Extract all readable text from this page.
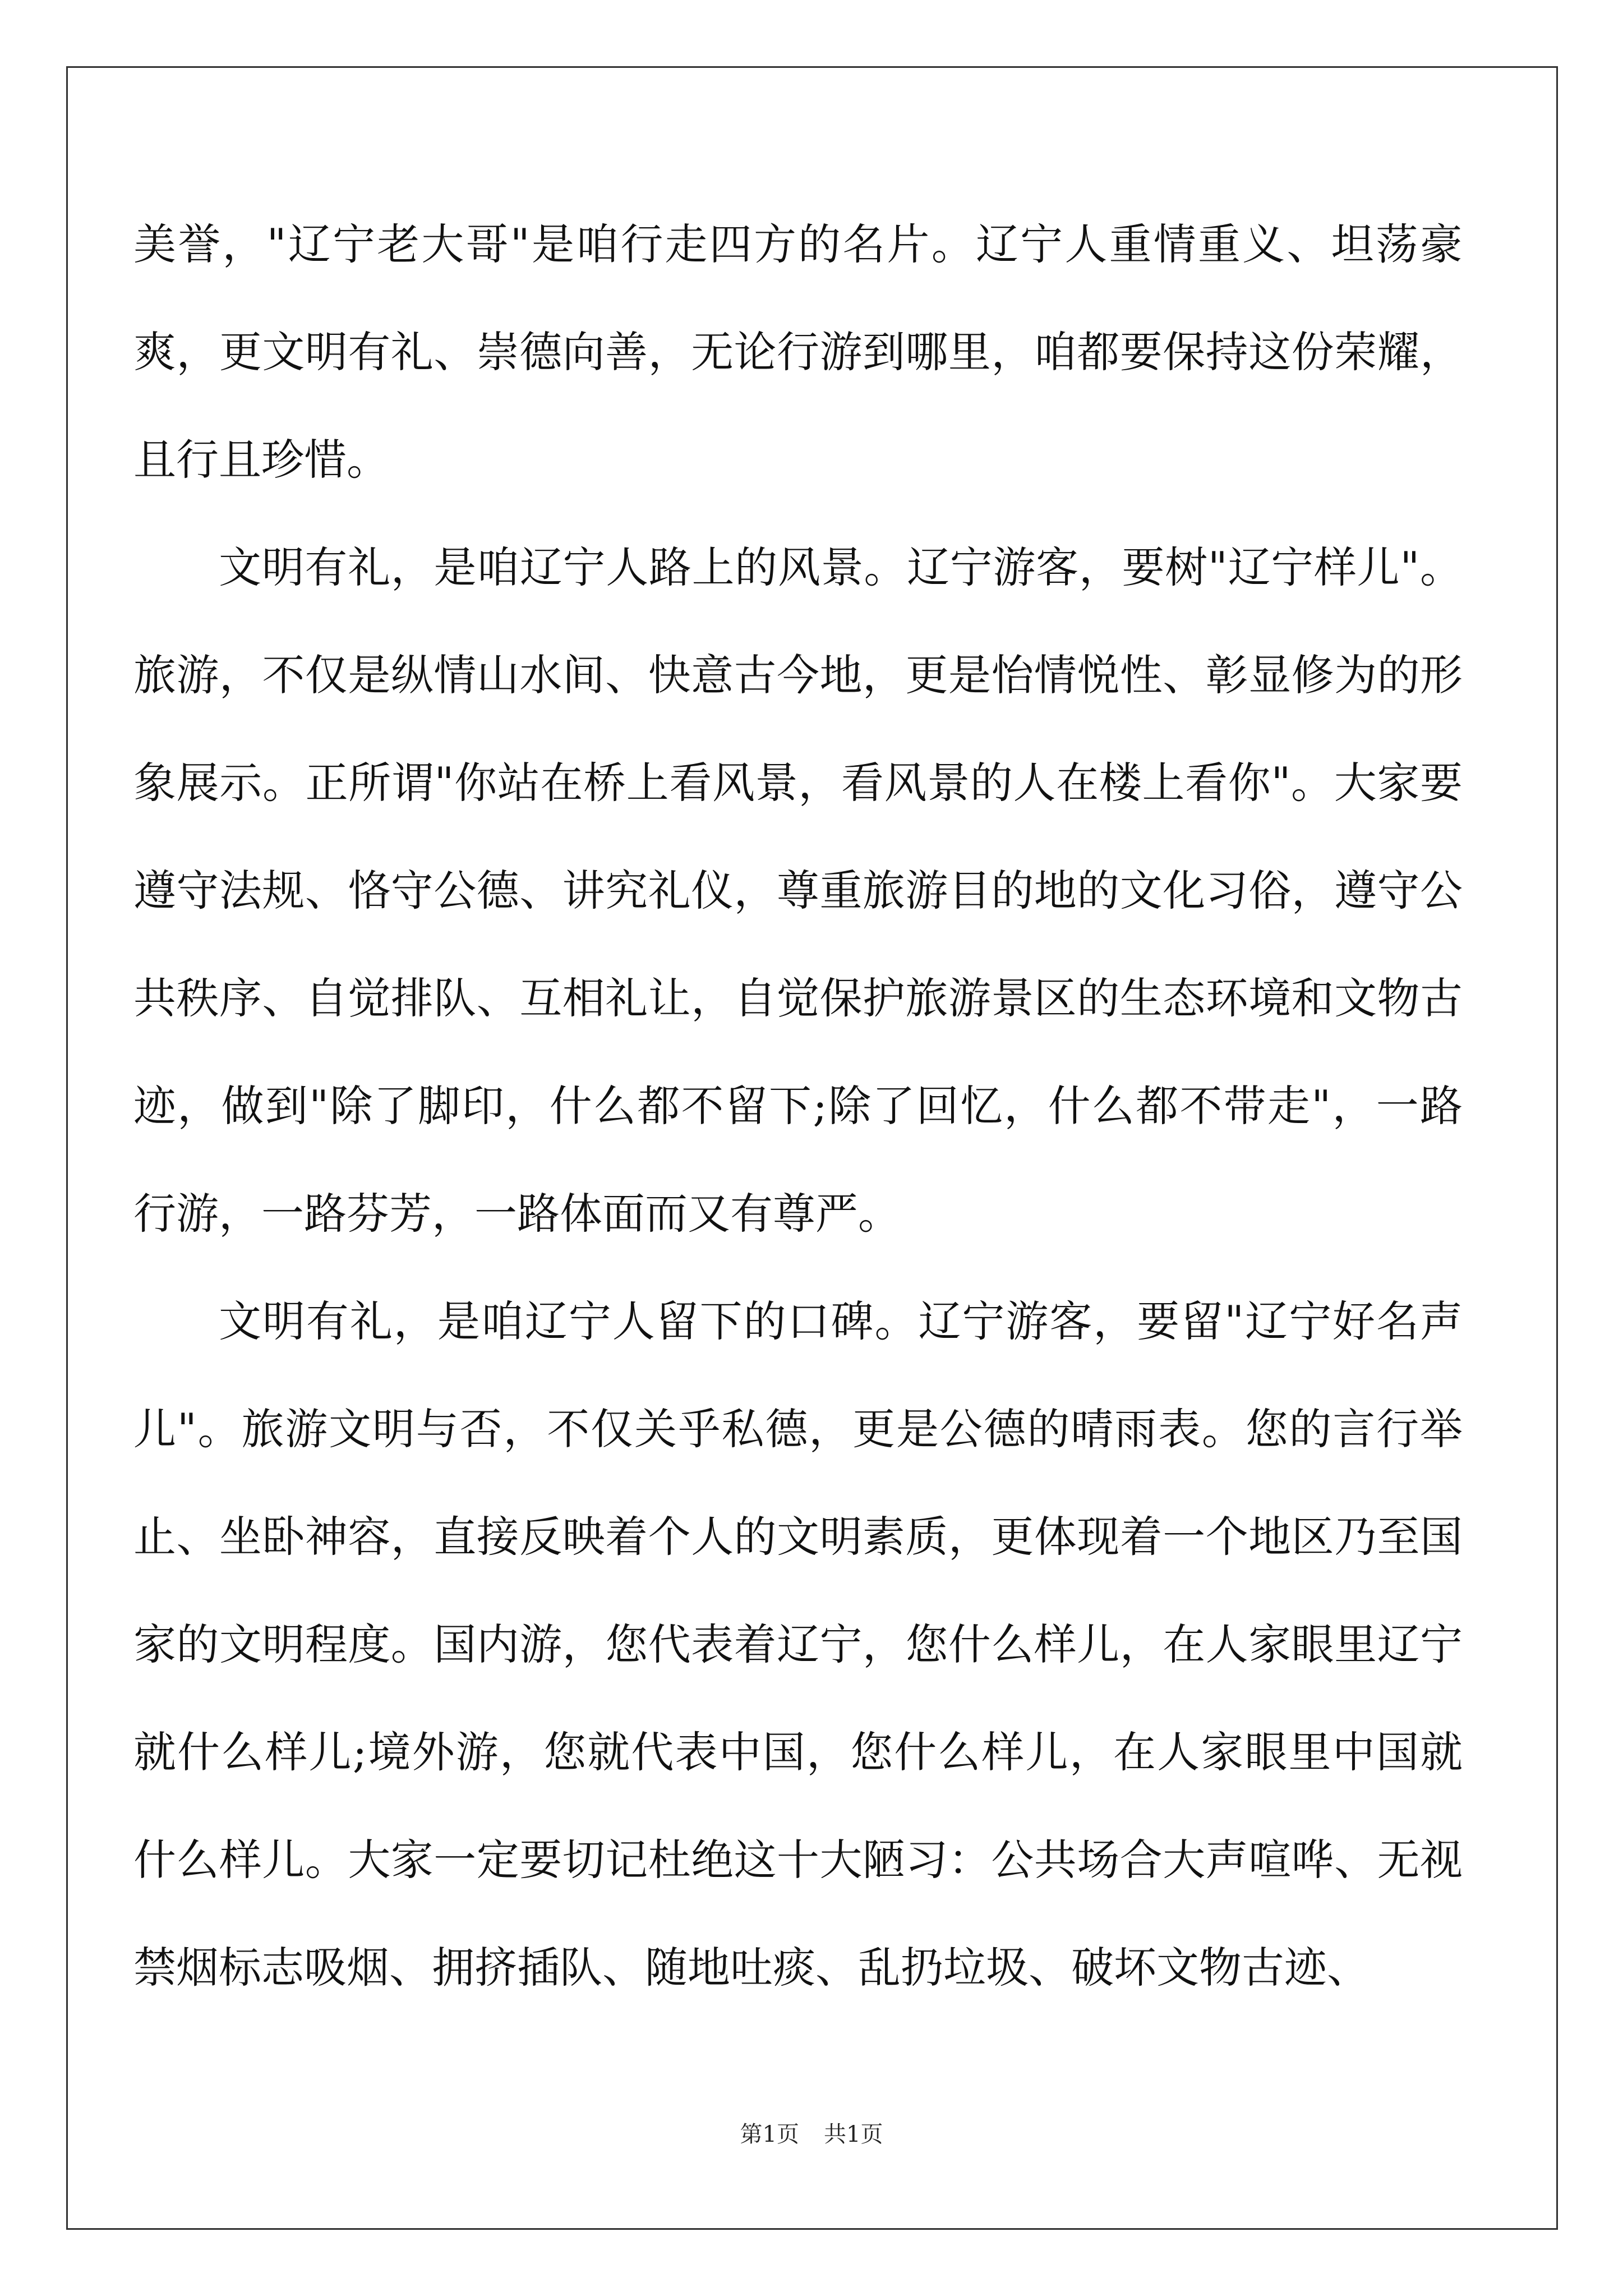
美誉，"辽宁老大哥"是咱行走四方的名片。辽宁人重情重义、坦荡豪爽，更文明有礼、崇德向善，无论行游到哪里，咱都要保持这份荣耀，且行且珍惜。

文明有礼，是咱辽宁人路上的风景。辽宁游客，要树"辽宁样儿"。旅游，不仅是纵情山水间、快意古今地，更是怡情悦性、彰显修为的形象展示。正所谓"你站在桥上看风景，看风景的人在楼上看你"。大家要遵守法规、恪守公德、讲究礼仪，尊重旅游目的地的文化习俗，遵守公共秩序、自觉排队、互相礼让，自觉保护旅游景区的生态环境和文物古迹，做到"除了脚印，什么都不留下;除了回忆，什么都不带走"，一路行游，一路芬芳，一路体面而又有尊严。

文明有礼，是咱辽宁人留下的口碑。辽宁游客，要留"辽宁好名声儿"。旅游文明与否，不仅关乎私德，更是公德的晴雨表。您的言行举止、坐卧神容，直接反映着个人的文明素质，更体现着一个地区乃至国家的文明程度。国内游，您代表着辽宁，您什么样儿，在人家眼里辽宁就什么样儿;境外游，您就代表中国，您什么样儿，在人家眼里中国就什么样儿。大家一定要切记杜绝这十大陋习：公共场合大声喧哗、无视禁烟标志吸烟、拥挤插队、随地吐痰、乱扔垃圾、破坏文物古迹、

第1页 共1页
